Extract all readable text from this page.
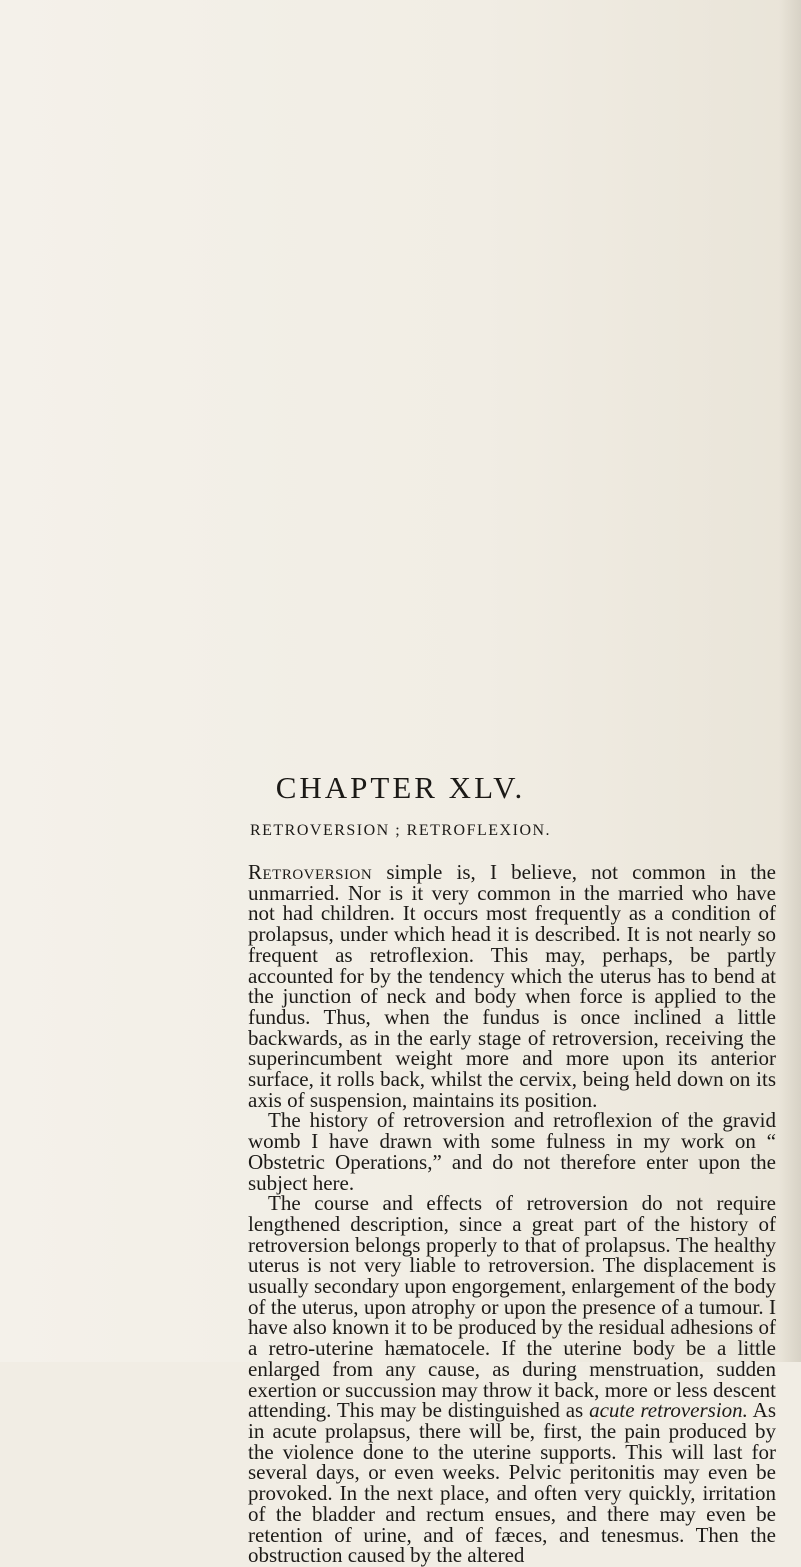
CHAPTER XLV.
RETROVERSION ; RETROFLEXION.

Retroversion simple is, I believe, not common in the unmarried. Nor is it very common in the married who have not had children. It occurs most frequently as a condition of prolapsus, under which head it is described. It is not nearly so frequent as retroflexion. This may, perhaps, be partly accounted for by the tendency which the uterus has to bend at the junction of neck and body when force is applied to the fundus. Thus, when the fundus is once inclined a little backwards, as in the early stage of retroversion, receiving the superincumbent weight more and more upon its anterior surface, it rolls back, whilst the cervix, being held down on its axis of suspension, maintains its position.

The history of retroversion and retroflexion of the gravid womb I have drawn with some fulness in my work on “ Obstetric Operations,” and do not therefore enter upon the subject here.

The course and effects of retroversion do not require lengthened description, since a great part of the history of retroversion belongs properly to that of prolapsus. The healthy uterus is not very liable to retroversion. The displacement is usually secondary upon engorgement, enlargement of the body of the uterus, upon atrophy or upon the presence of a tumour. I have also known it to be produced by the residual adhesions of a retro-uterine hæmatocele. If the uterine body be a little enlarged from any cause, as during menstruation, sudden exertion or succussion may throw it back, more or less descent attending. This may be distinguished as acute retroversion. As in acute prolapsus, there will be, first, the pain produced by the violence done to the uterine supports. This will last for several days, or even weeks. Pelvic peritonitis may even be provoked. In the next place, and often very quickly, irritation of the bladder and rectum ensues, and there may even be retention of urine, and of fæces, and tenesmus. Then the obstruction caused by the altered
